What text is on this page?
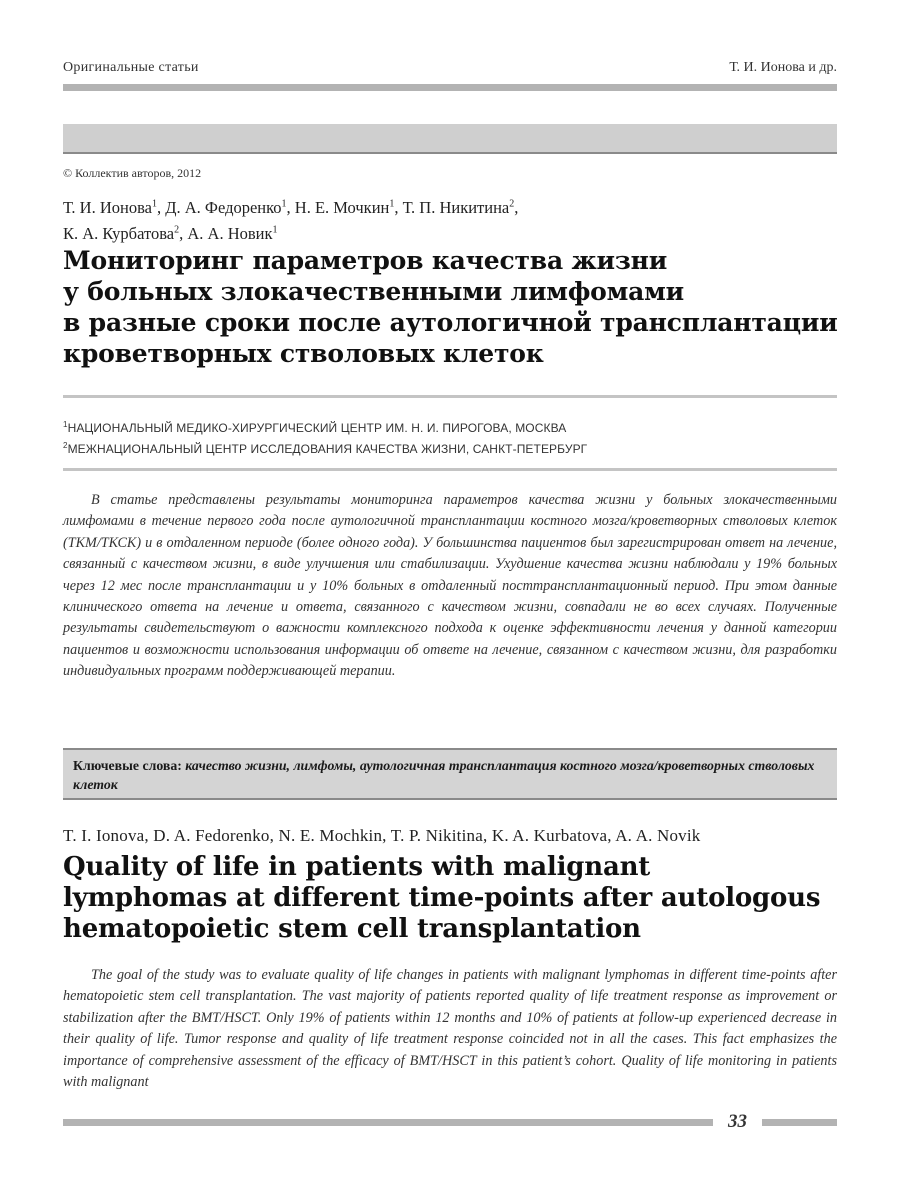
Оригинальные статьи	Т. И. Ионова и др.
© Коллектив авторов, 2012
Т. И. Ионова$^1$, Д. А. Федоренко$^1$, Н. Е. Мочкин$^1$, Т. П. Никитина$^2$,
К. А. Курбатова$^2$, А. А. Новик$^1$
Мониторинг параметров качества жизни
у больных злокачественными лимфомами
в разные сроки после аутологичной трансплантации
кроветворных стволовых клеток
$^1$НАЦИОНАЛЬНЫЙ МЕДИКО-ХИРУРГИЧЕСКИЙ ЦЕНТР ИМ. Н. И. ПИРОГОВА, МОСКВА
$^2$МЕЖНАЦИОНАЛЬНЫЙ ЦЕНТР ИССЛЕДОВАНИЯ КАЧЕСТВА ЖИЗНИ, САНКТ-ПЕТЕРБУРГ
В статье представлены результаты мониторинга параметров качества жизни у больных злокачественными лимфомами в течение первого года после аутологичной трансплантации костного мозга/кроветворных стволовых клеток (ТКМ/ТКСК) и в отдаленном периоде (более одного года). У большинства пациентов был зарегистрирован ответ на лечение, связанный с качеством жизни, в виде улучшения или стабилизации. Ухудшение качества жизни наблюдали у 19% больных через 12 мес после трансплантации и у 10% больных в отдаленный посттрансплантационный период. При этом данные клинического ответа на лечение и ответа, связанного с качеством жизни, совпадали не во всех случаях. Полученные результаты свидетельствуют о важности комплексного подхода к оценке эффективности лечения у данной категории пациентов и возможности использования информации об ответе на лечение, связанном с качеством жизни, для разработки индивидуальных программ поддерживающей терапии.
Ключевые слова: качество жизни, лимфомы, аутологичная трансплантация костного мозга/кроветворных стволовых клеток
T. I. Ionova, D. A. Fedorenko, N. E. Mochkin, T. P. Nikitina, K. A. Kurbatova, A. A. Novik
Quality of life in patients with malignant
lymphomas at different time-points after autologous
hematopoietic stem cell transplantation
The goal of the study was to evaluate quality of life changes in patients with malignant lymphomas in different time-points after hematopoietic stem cell transplantation. The vast majority of patients reported quality of life treatment response as improvement or stabilization after the BMT/HSCT. Only 19% of patients within 12 months and 10% of patients at follow-up experienced decrease in their quality of life. Tumor response and quality of life treatment response coincided not in all the cases. This fact emphasizes the importance of comprehensive assessment of the efficacy of BMT/HSCT in this patient’s cohort. Quality of life monitoring in patients with malignant
33
